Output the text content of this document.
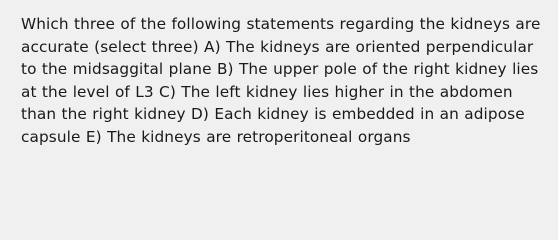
Which three of the following statements regarding the kidneys are accurate (select three) A) The kidneys are oriented perpendicular to the midsaggital plane B) The upper pole of the right kidney lies at the level of L3 C) The left kidney lies higher in the abdomen than the right kidney D) Each kidney is embedded in an adipose capsule E) The kidneys are retroperitoneal organs
